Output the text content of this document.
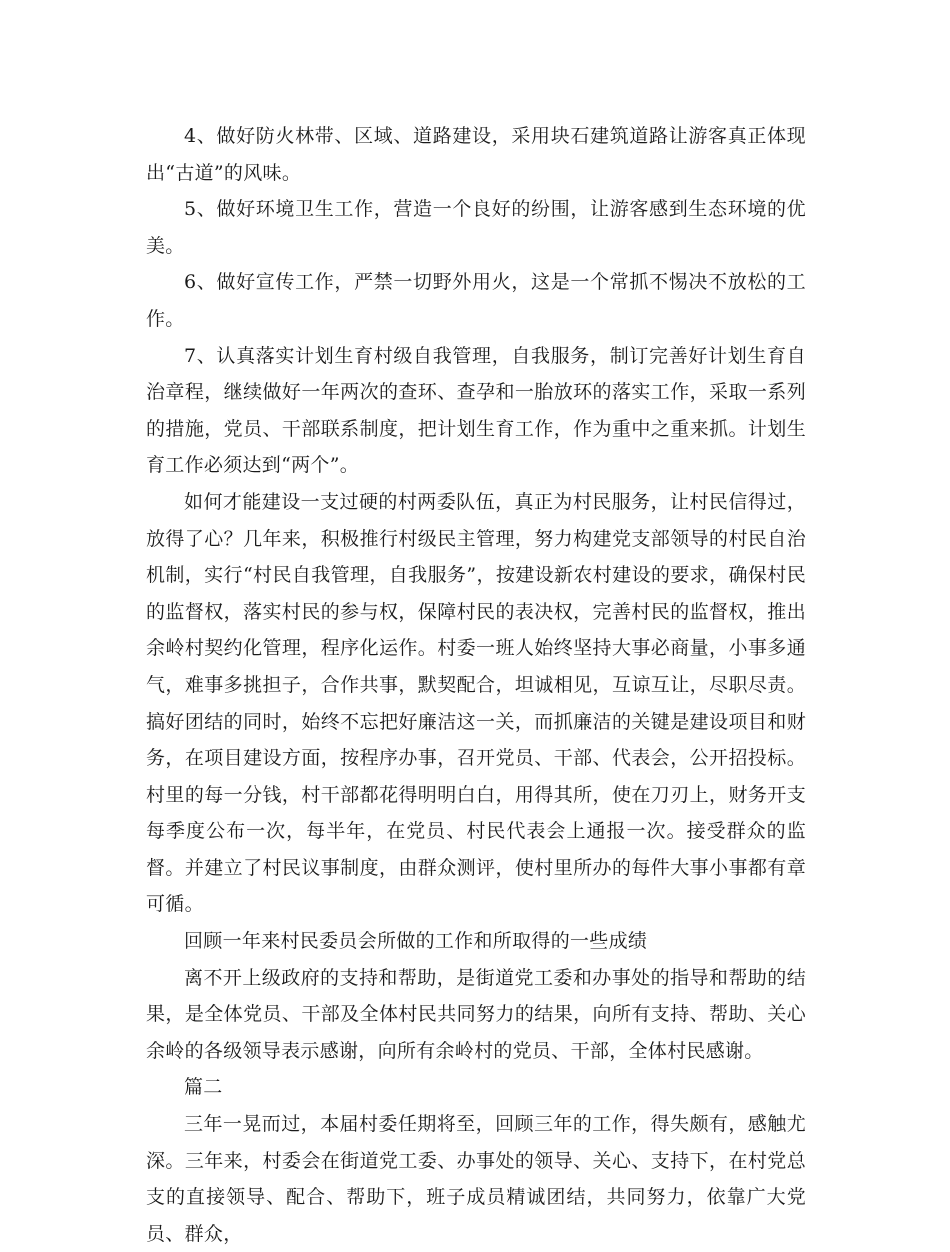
4、做好防火林带、区域、道路建设，采用块石建筑道路让游客真正体现出“古道”的风味。

5、做好环境卫生工作，营造一个良好的纷围，让游客感到生态环境的优美。

6、做好宣传工作，严禁一切野外用火，这是一个常抓不惕决不放松的工作。

7、认真落实计划生育村级自我管理，自我服务，制订完善好计划生育自治章程，继续做好一年两次的查环、查孕和一胎放环的落实工作，采取一系列的措施，党员、干部联系制度，把计划生育工作，作为重中之重来抓。计划生育工作必须达到“两个”。

如何才能建设一支过硬的村两委队伍，真正为村民服务，让村民信得过，放得了心？几年来，积极推行村级民主管理，努力构建党支部领导的村民自治机制，实行“村民自我管理，自我服务”，按建设新农村建设的要求，确保村民的监督权，落实村民的参与权，保障村民的表决权，完善村民的监督权，推出余岭村契约化管理，程序化运作。村委一班人始终坚持大事必商量，小事多通气，难事多挑担子，合作共事，默契配合，坦诚相见，互谅互让，尽职尽责。搞好团结的同时，始终不忘把好廉洁这一关，而抓廉洁的关键是建设项目和财务，在项目建设方面，按程序办事，召开党员、干部、代表会，公开招投标。村里的每一分钱，村干部都花得明明白白，用得其所，使在刀刃上，财务开支每季度公布一次，每半年，在党员、村民代表会上通报一次。接受群众的监督。并建立了村民议事制度，由群众测评，使村里所办的每件大事小事都有章可循。

回顾一年来村民委员会所做的工作和所取得的一些成绩

离不开上级政府的支持和帮助，是街道党工委和办事处的指导和帮助的结果，是全体党员、干部及全体村民共同努力的结果，向所有支持、帮助、关心余岭的各级领导表示感谢，向所有余岭村的党员、干部，全体村民感谢。

篇二

三年一晃而过，本届村委任期将至，回顾三年的工作，得失颇有，感触尤深。三年来，村委会在街道党工委、办事处的领导、关心、支持下，在村党总支的直接领导、配合、帮助下，班子成员精诚团结，共同努力，依靠广大党员、群众，
